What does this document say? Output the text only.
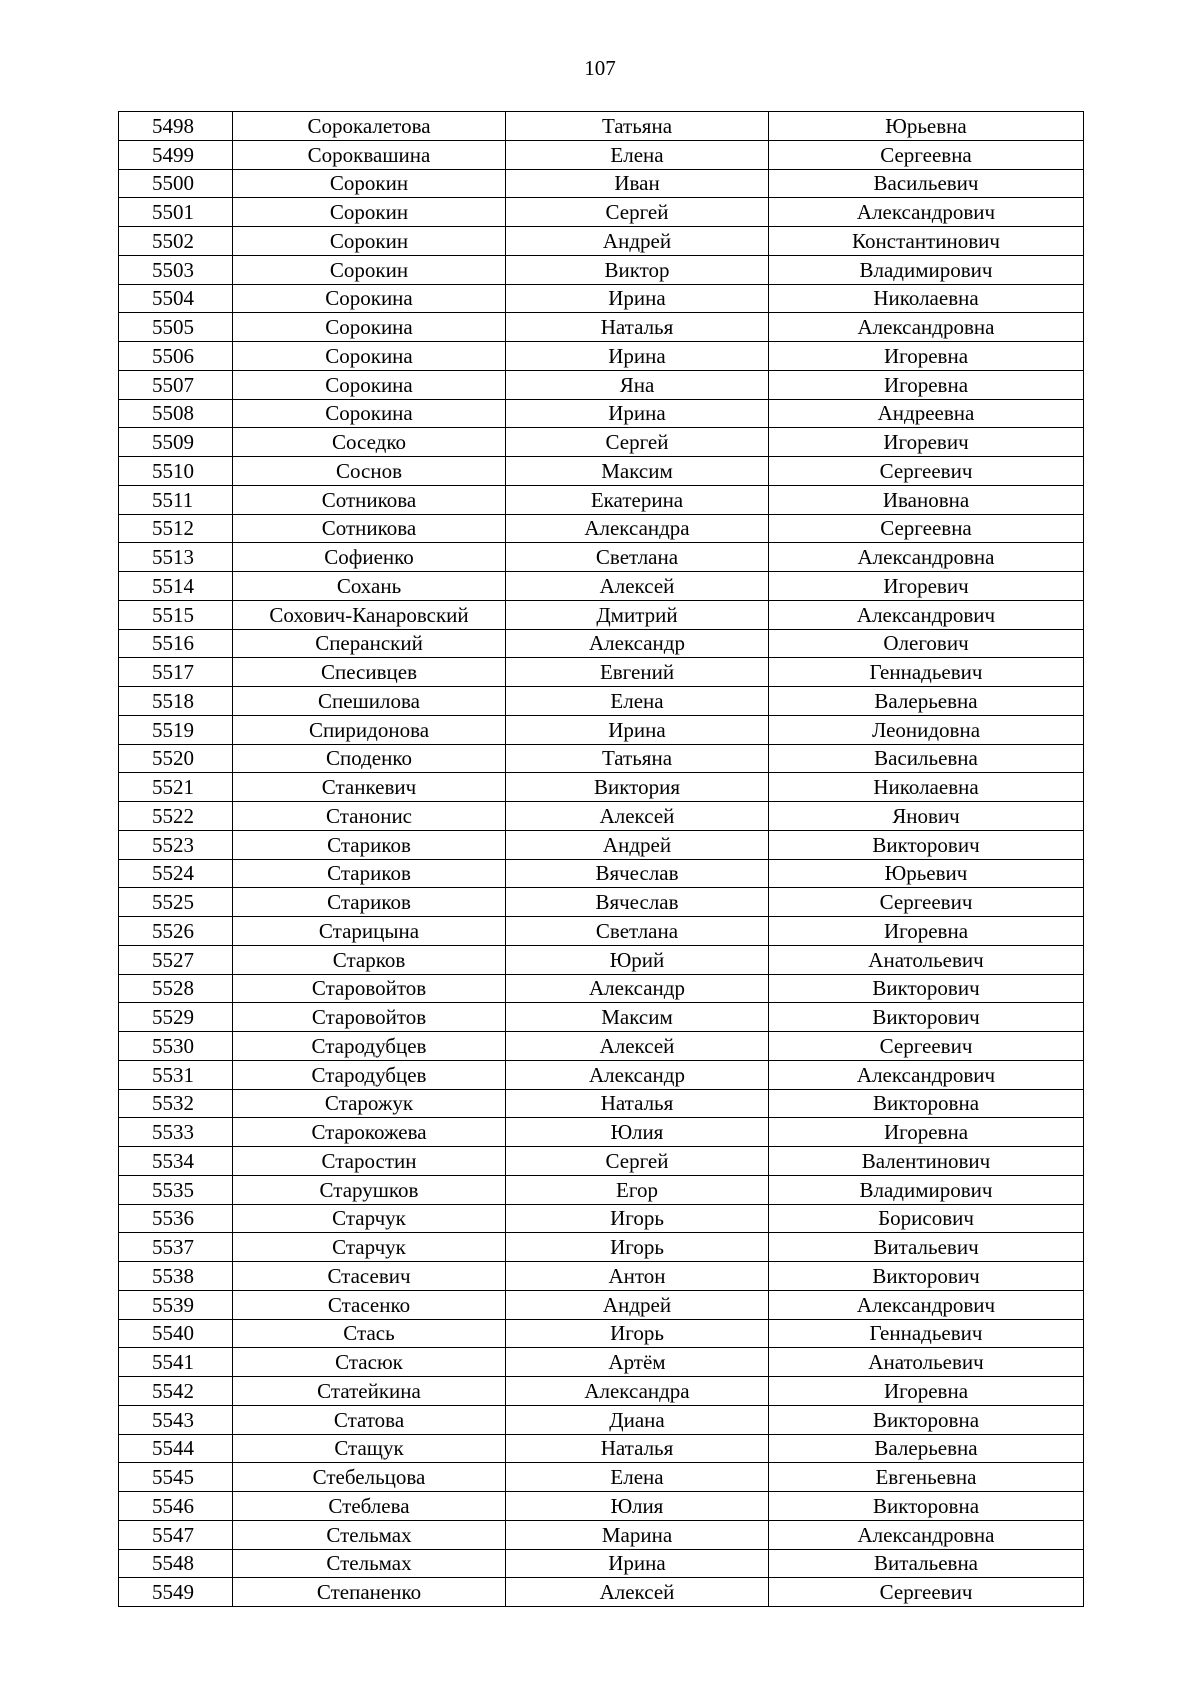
107
5498	Сорокалетова	Татьяна	Юрьевна
5499	Сороквашина	Елена	Сергеевна
5500	Сорокин	Иван	Васильевич
5501	Сорокин	Сергей	Александрович
5502	Сорокин	Андрей	Константинович
5503	Сорокин	Виктор	Владимирович
5504	Сорокина	Ирина	Николаевна
5505	Сорокина	Наталья	Александровна
5506	Сорокина	Ирина	Игоревна
5507	Сорокина	Яна	Игоревна
5508	Сорокина	Ирина	Андреевна
5509	Соседко	Сергей	Игоревич
5510	Соснов	Максим	Сергеевич
5511	Сотникова	Екатерина	Ивановна
5512	Сотникова	Александра	Сергеевна
5513	Софиенко	Светлана	Александровна
5514	Сохань	Алексей	Игоревич
5515	Сохович-Канаровский	Дмитрий	Александрович
5516	Сперанский	Александр	Олегович
5517	Спесивцев	Евгений	Геннадьевич
5518	Спешилова	Елена	Валерьевна
5519	Спиридонова	Ирина	Леонидовна
5520	Споденко	Татьяна	Васильевна
5521	Станкевич	Виктория	Николаевна
5522	Станонис	Алексей	Янович
5523	Стариков	Андрей	Викторович
5524	Стариков	Вячеслав	Юрьевич
5525	Стариков	Вячеслав	Сергеевич
5526	Старицына	Светлана	Игоревна
5527	Старков	Юрий	Анатольевич
5528	Старовойтов	Александр	Викторович
5529	Старовойтов	Максим	Викторович
5530	Стародубцев	Алексей	Сергеевич
5531	Стародубцев	Александр	Александрович
5532	Старожук	Наталья	Викторовна
5533	Старокожева	Юлия	Игоревна
5534	Старостин	Сергей	Валентинович
5535	Старушков	Егор	Владимирович
5536	Старчук	Игорь	Борисович
5537	Старчук	Игорь	Витальевич
5538	Стасевич	Антон	Викторович
5539	Стасенко	Андрей	Александрович
5540	Стась	Игорь	Геннадьевич
5541	Стасюк	Артём	Анатольевич
5542	Статейкина	Александра	Игоревна
5543	Статова	Диана	Викторовна
5544	Стащук	Наталья	Валерьевна
5545	Стебельцова	Елена	Евгеньевна
5546	Стеблева	Юлия	Викторовна
5547	Стельмах	Марина	Александровна
5548	Стельмах	Ирина	Витальевна
5549	Степаненко	Алексей	Сергеевич
